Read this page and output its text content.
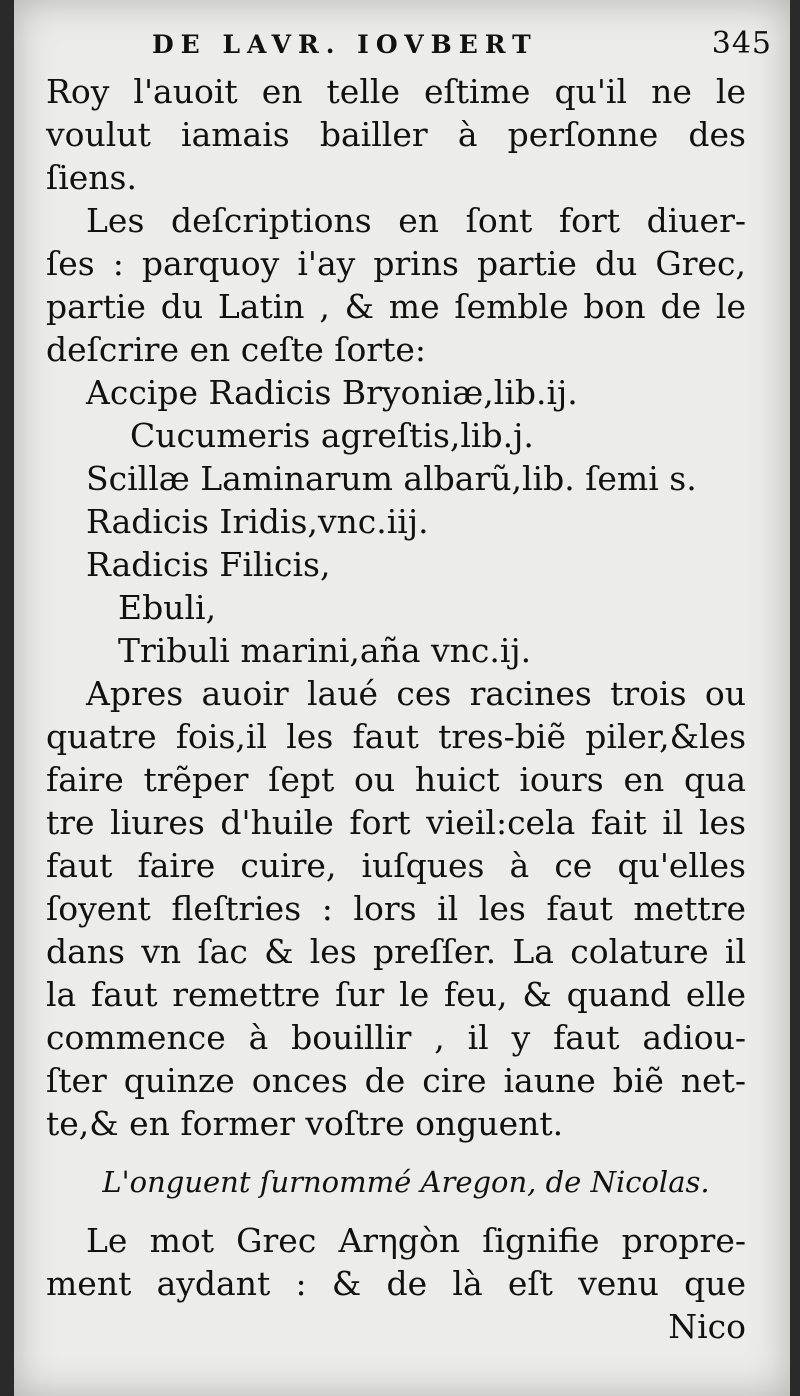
DE LAVR. IOVBERT	345
Roy l'auoit en telle eſtime qu'il ne le
voulut iamais bailler à perſonne des
ſiens.
Les deſcriptions en ſont fort diuer-
ſes : parquoy i'ay prins partie du Grec,
partie du Latin , & me ſemble bon de le
deſcrire en ceſte ſorte:
Accipe Radicis Bryoniæ,lib.ij.
Cucumeris agreſtis,lib.j.
Scillæ Laminarum albarũ,lib. ſemi s.
Radicis Iridis,vnc.iij.
Radicis Filicis,
Ebuli,
Tribuli marini,aña vnc.ij.
Apres auoir laué ces racines trois ou
quatre fois,il les faut tres-biẽ piler,&les
faire trẽper ſept ou huict iours en qua
tre liures d'huile fort vieil:cela fait il les
faut faire cuire, iuſques à ce qu'elles
ſoyent fleſtries : lors il les faut mettre
dans vn ſac & les preſſer. La colature il
la faut remettre ſur le feu, & quand elle
commence à bouillir , il y faut adiou-
ſter quinze onces de cire iaune biẽ net-
te,& en former voſtre onguent.
L'onguent ſurnommé Aregon, de Nicolas.
Le mot Grec Arηgòn ſignifie propre-
ment aydant : & de là eſt venu que
Nico
